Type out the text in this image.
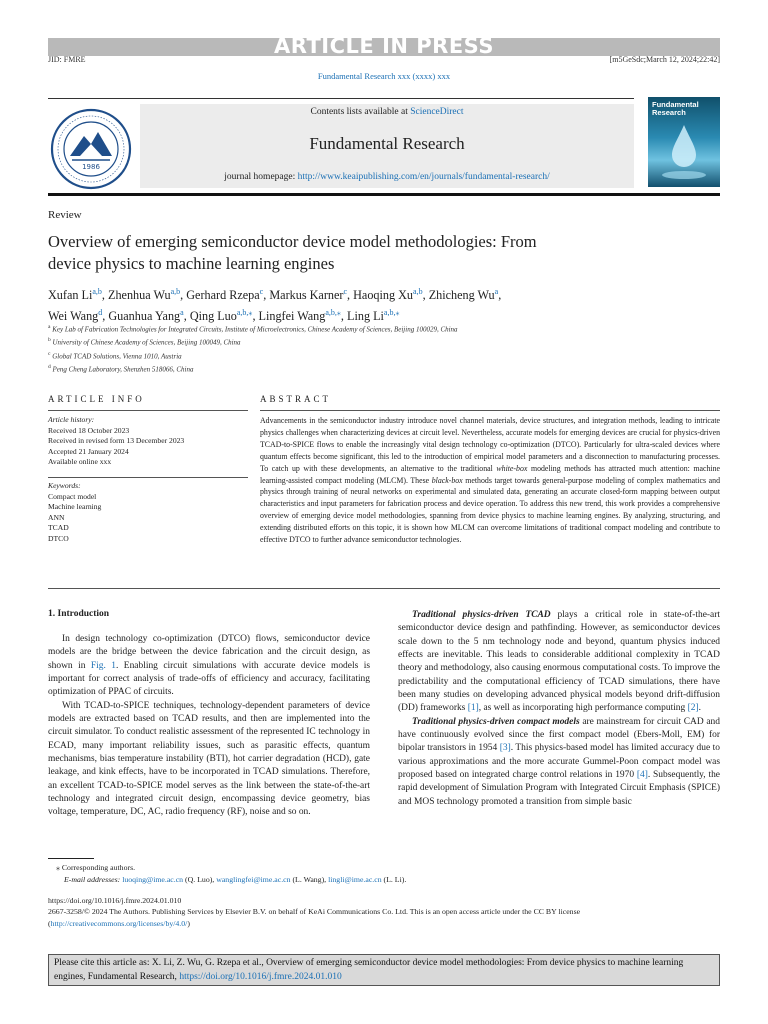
ARTICLE IN PRESS
JID: FMRE	[m5GeSdc;March 12, 2024;22:42]
Fundamental Research xxx (xxxx) xxx
1986
Contents lists available at ScienceDirect
Fundamental Research
journal homepage: http://www.keaipublishing.com/en/journals/fundamental-research/
Fundamental
Research
Review
Overview of emerging semiconductor device model methodologies: From
device physics to machine learning engines
Xufan Li$^{a,b}$, Zhenhua Wu$^{a,b}$, Gerhard Rzepa$^c$, Markus Karner$^c$, Haoqing Xu$^{a,b}$, Zhicheng Wu$^a$,
Wei Wang$^d$, Guanhua Yang$^a$, Qing Luo$^{a,b,⁎}$, Lingfei Wang$^{a,b,⁎}$, Ling $Li^{a,b,⁎}$
$^a$ Key Lab of Fabrication Technologies for Integrated Circuits, Institute of Microelectronics, Chinese Academy of Sciences, Beijing 100029, China
$^b$ University of Chinese Academy of Sciences, Beijing 100049, China
$^c$ Global TCAD Solutions, Vienna 1010, Austria
$^d$ Peng Cheng Laboratory, Shenzhen 518066, China
ARTICLE INFO
Article history:
Received 18 October 2023
Received in revised form 13 December 2023
Accepted 21 January 2024
Available online xxx
Keywords:
Compact model
Machine learning
ANN
TCAD
DTCO
ABSTRACT
Advancements in the semiconductor industry introduce novel channel materials, device structures, and integration methods, leading to intricate physics challenges when characterizing devices at circuit level. Nevertheless, accurate models for emerging devices are crucial for physics-driven TCAD-to-SPICE flows to enable the increasingly vital design technology co-optimization (DTCO). Particularly for ultra-scaled devices where quantum effects become significant, this led to the introduction of empirical model parameters and a disconnection to manufacturing processes. To catch up with these developments, an alternative to the traditional white-box modeling methods has attracted much attention: machine learning-assisted compact modeling (MLCM). These black-box methods target towards general-purpose modeling of complex mathematics and physics through training of neural networks on experimental and simulated data, generating an accurate closed-form mapping between output characteristics and input parameters for fabrication process and device operation. To address this new trend, this work provides a comprehensive overview of emerging device model methodologies, spanning from device physics to machine learning engines. By analyzing, structuring, and extending distributed efforts on this topic, it is shown how MLCM can overcome limitations of traditional compact modeling and contribute to effective DTCO to further advance semiconductor technologies.
1. Introduction

In design technology co-optimization (DTCO) flows, semiconductor device models are the bridge between the device fabrication and the circuit design, as shown in Fig. 1. Enabling circuit simulations with accurate device models is important for correct analysis of trade-offs of efficiency and accuracy, facilitating optimization of PPAC of circuits.

With TCAD-to-SPICE techniques, technology-dependent parameters of device models are extracted based on TCAD results, and then are implemented into the circuit simulator. To conduct realistic assessment of the represented IC technology in ECAD, many important reliability issues, such as parasitic effects, quantum mechanisms, bias temperature instability (BTI), hot carrier degradation (HCD), gate leakage, and kink effects, have to be incorporated in TCAD simulations. Therefore, an excellent TCAD-to-SPICE model serves as the link between the state-of-the-art technology and integrated circuit design, encompassing device geometry, bias voltage, temperature, DC, AC, radio frequency (RF), noise and so on.

Traditional physics-driven TCAD plays a critical role in state-of-the-art semiconductor device design and pathfinding. However, as semiconductor devices scale down to the 5 nm technology node and beyond, quantum physics induced effects are inevitable. This leads to considerable additional complexity in TCAD theory and methodology, also causing enormous computational costs. To improve the predictability and the computational efficiency of TCAD simulations, there have been many studies on developing advanced physical models beyond drift-diffusion (DD) frameworks [1], as well as incorporating high performance computing [2].

Traditional physics-driven compact models are mainstream for circuit CAD and have continuously evolved since the first compact model (Ebers-Moll, EM) for bipolar transistors in 1954 [3]. This physics-based model has limited accuracy due to various approximations and the more accurate Gummel-Poon compact model was proposed based on integrated charge control relations in 1970 [4]. Subsequently, the rapid development of Simulation Program with Integrated Circuit Emphasis (SPICE) and MOS technology promoted a transition from simple basic

⁎ Corresponding authors.
E-mail addresses: luoqing@ime.ac.cn (Q. Luo), wanglingfei@ime.ac.cn (L. Wang), lingli@ime.ac.cn (L. Li).
https://doi.org/10.1016/j.fmre.2024.01.010
2667-3258/© 2024 The Authors. Publishing Services by Elsevier B.V. on behalf of KeAi Communications Co. Ltd. This is an open access article under the CC BY license (http://creativecommons.org/licenses/by/4.0/)
Please cite this article as: X. Li, Z. Wu, G. Rzepa et al., Overview of emerging semiconductor device model methodologies: From device physics to machine learning engines, Fundamental Research, https://doi.org/10.1016/j.fmre.2024.01.010
